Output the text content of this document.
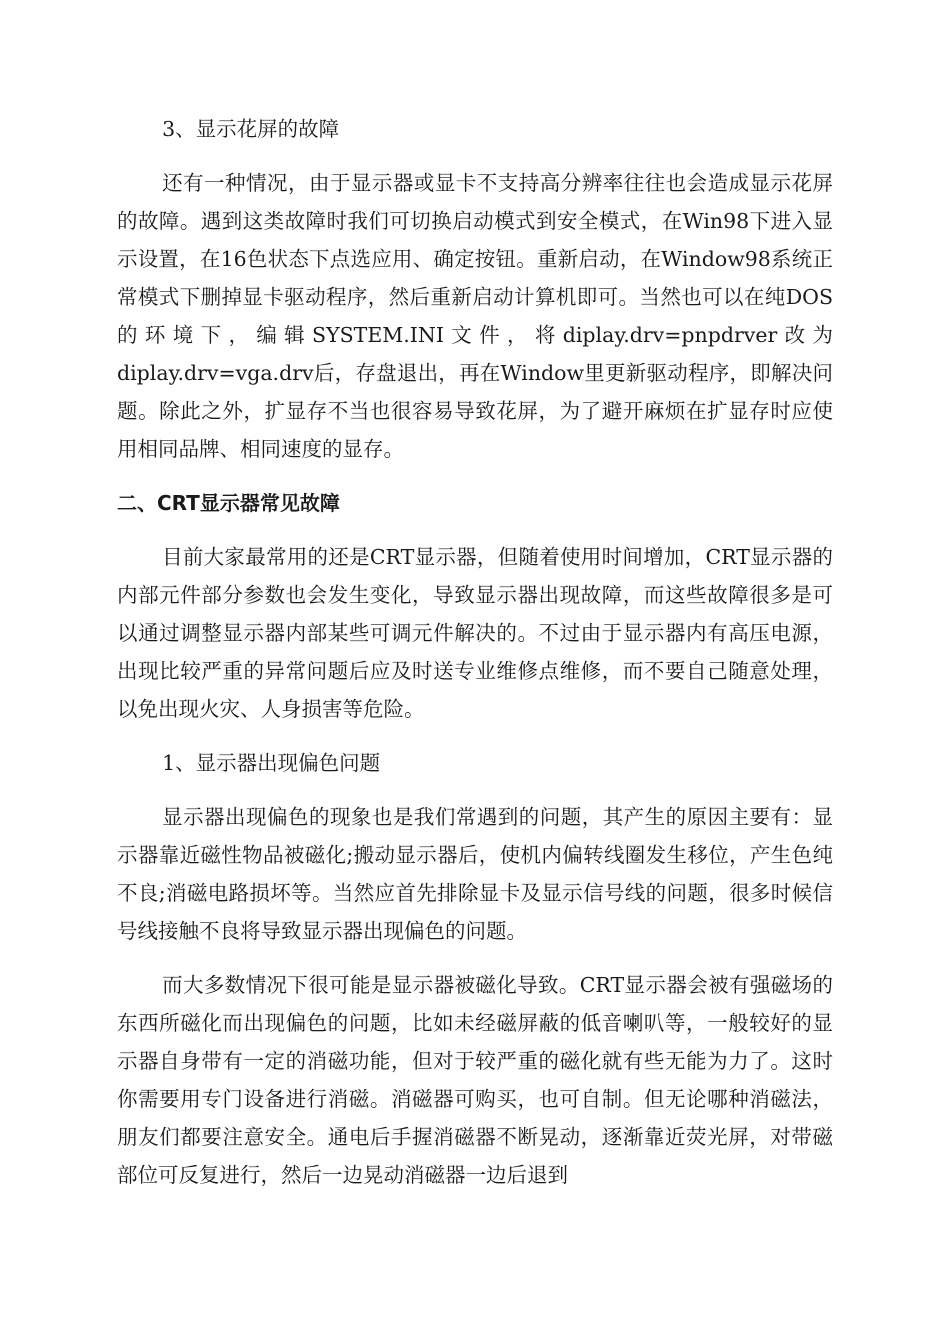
3、显示花屏的故障

还有一种情况，由于显示器或显卡不支持高分辨率往往也会造成显示花屏的故障。遇到这类故障时我们可切换启动模式到安全模式，在Win98下进入显示设置，在16色状态下点选应用、确定按钮。重新启动，在Window98系统正常模式下删掉显卡驱动程序，然后重新启动计算机即可。当然也可以在纯DOS的环境下，编辑SYSTEM.INI文件，将diplay.drv=pnpdrver改为diplay.drv=vga.drv后，存盘退出，再在Window里更新驱动程序，即解决问题。除此之外，扩显存不当也很容易导致花屏，为了避开麻烦在扩显存时应使用相同品牌、相同速度的显存。

二、CRT显示器常见故障

目前大家最常用的还是CRT显示器，但随着使用时间增加，CRT显示器的内部元件部分参数也会发生变化，导致显示器出现故障，而这些故障很多是可以通过调整显示器内部某些可调元件解决的。不过由于显示器内有高压电源，出现比较严重的异常问题后应及时送专业维修点维修，而不要自己随意处理，以免出现火灾、人身损害等危险。

1、显示器出现偏色问题

显示器出现偏色的现象也是我们常遇到的问题，其产生的原因主要有：显示器靠近磁性物品被磁化;搬动显示器后，使机内偏转线圈发生移位，产生色纯不良;消磁电路损坏等。当然应首先排除显卡及显示信号线的问题，很多时候信号线接触不良将导致显示器出现偏色的问题。

而大多数情况下很可能是显示器被磁化导致。CRT显示器会被有强磁场的东西所磁化而出现偏色的问题，比如未经磁屏蔽的低音喇叭等，一般较好的显示器自身带有一定的消磁功能，但对于较严重的磁化就有些无能为力了。这时你需要用专门设备进行消磁。消磁器可购买，也可自制。但无论哪种消磁法，朋友们都要注意安全。通电后手握消磁器不断晃动，逐渐靠近荧光屏，对带磁部位可反复进行，然后一边晃动消磁器一边后退到
